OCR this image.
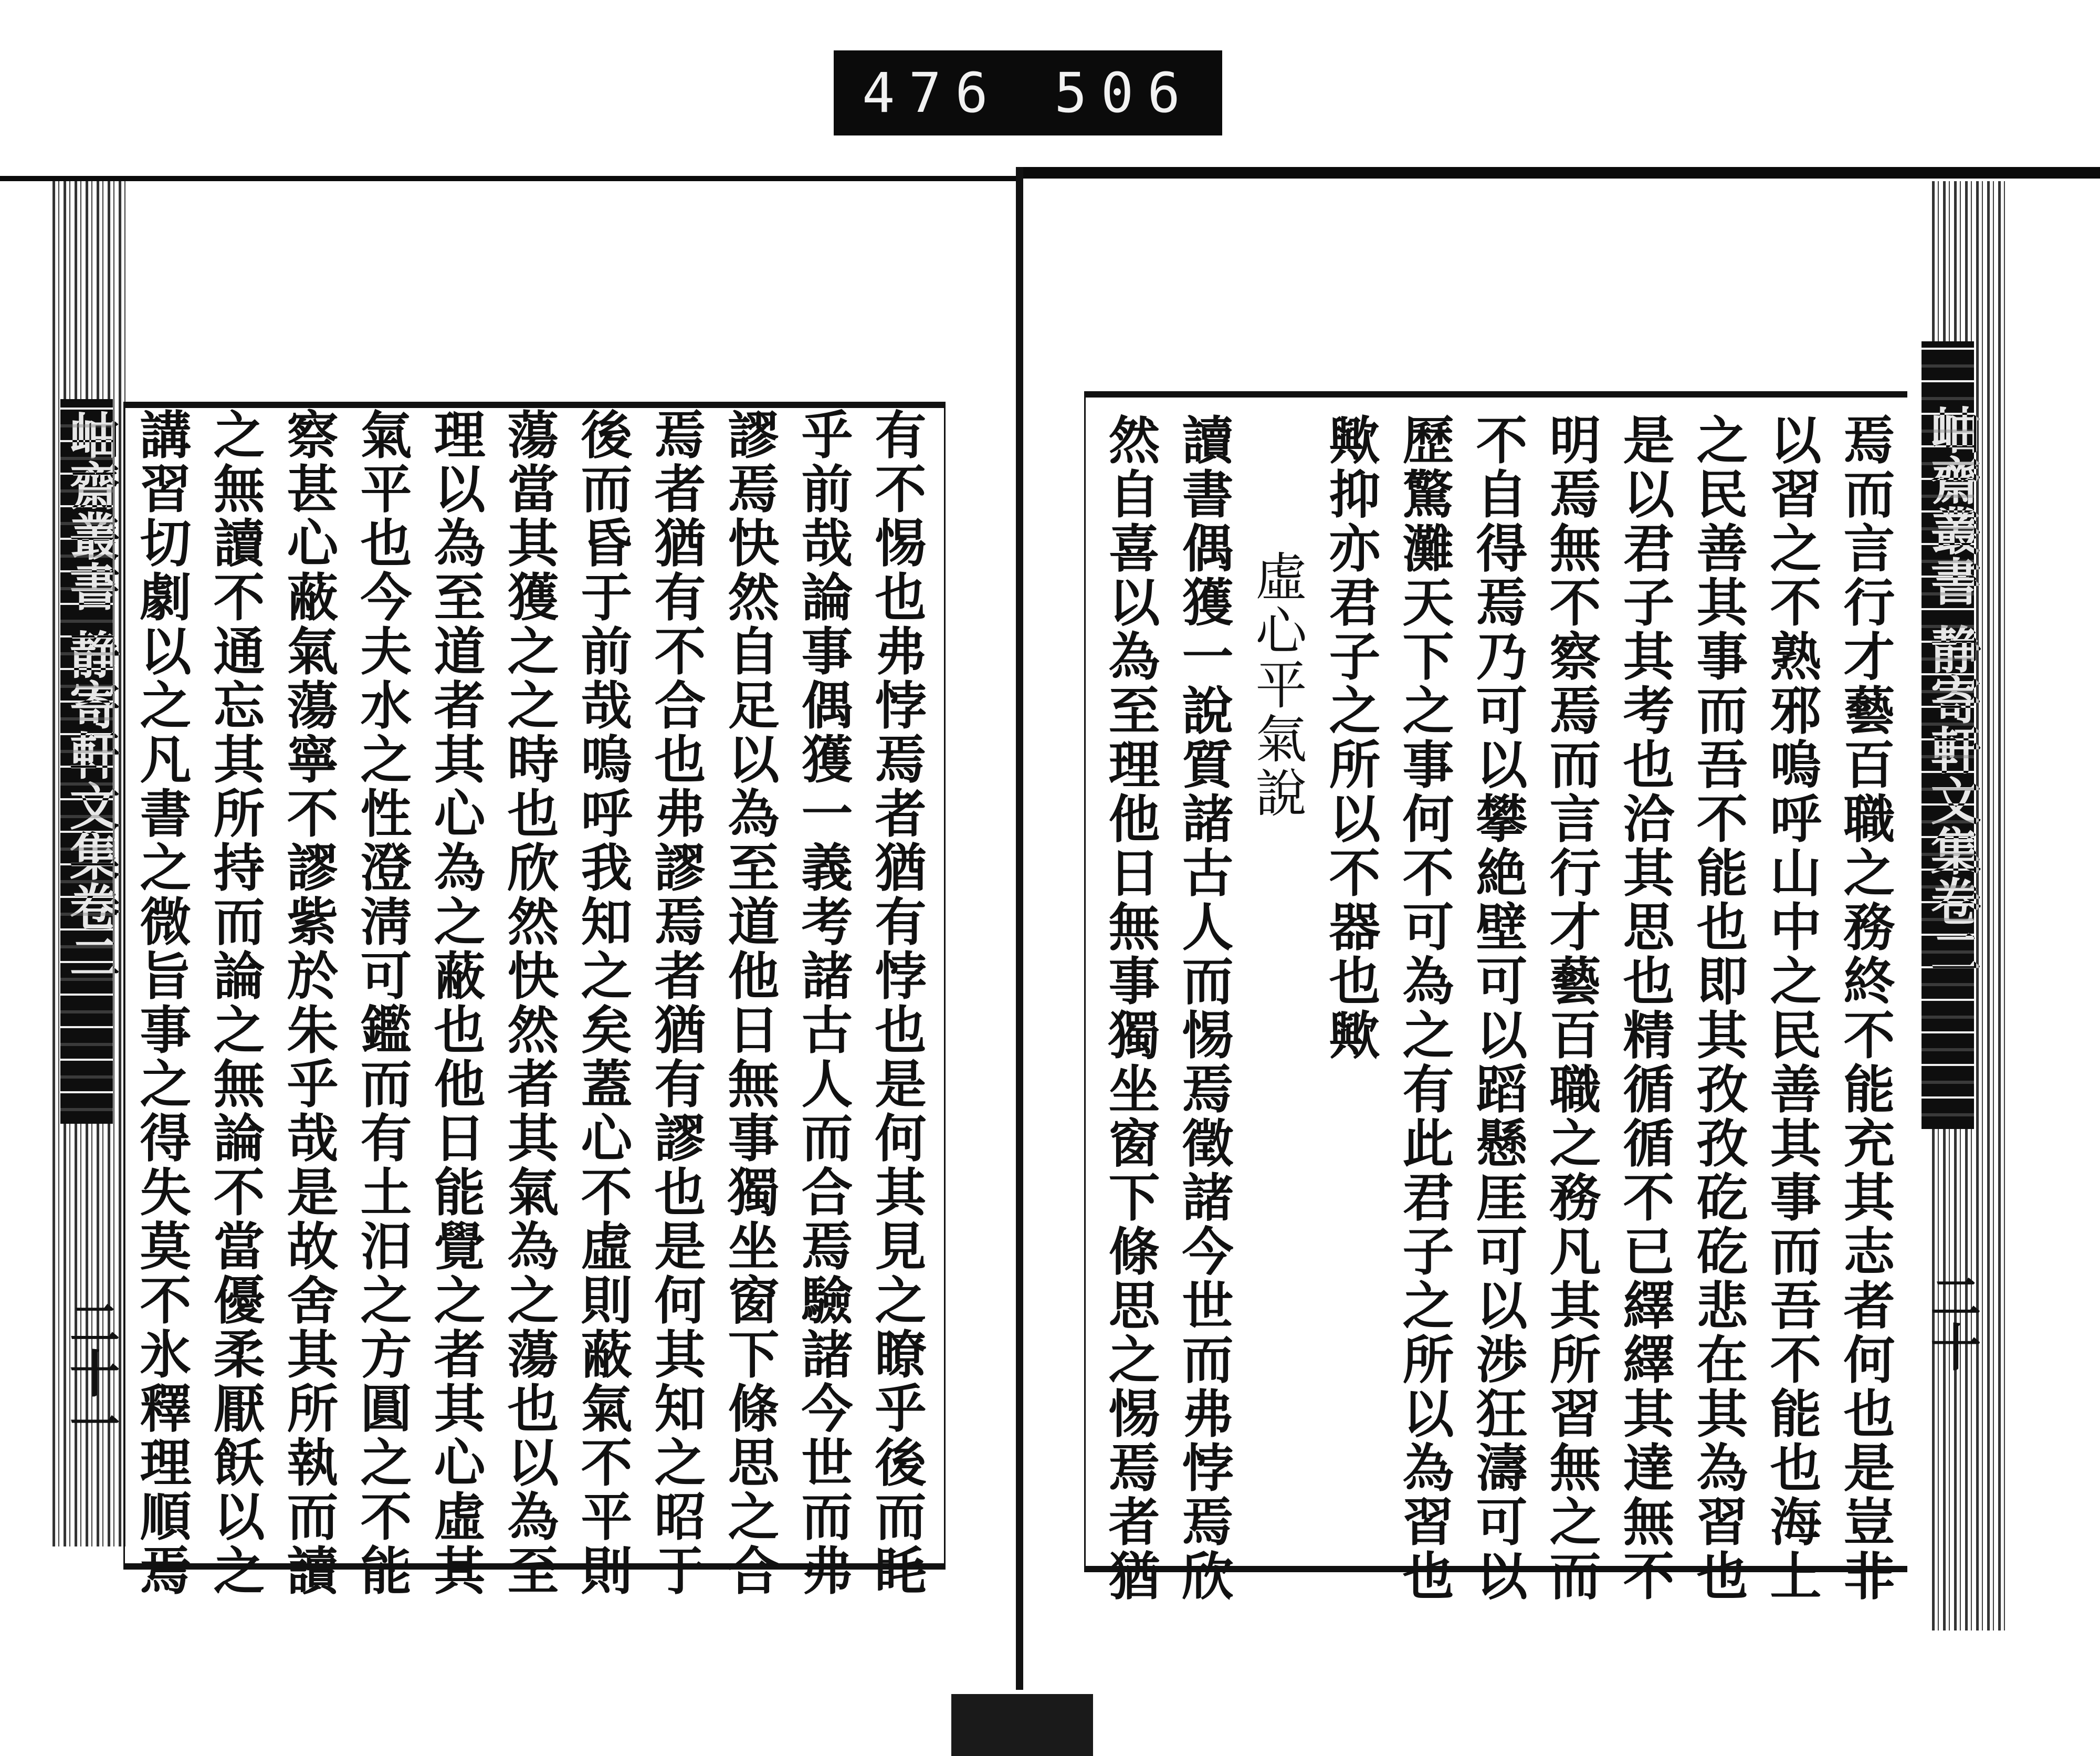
476 506
有不惕也弗悖焉者猶有悖也是何其見之瞭乎後而眊
乎前哉論事偶獲一義考諸古人而合焉驗諸今世而弗
謬焉快然自足以為至道他日無事獨坐窗下條思之合
焉者猶有不合也弗謬焉者猶有謬也是何其知之昭于
後而昏于前哉嗚呼我知之矣蓋心不虛則蔽氣不平則
蕩當其獲之之時也欣然快然者其氣為之蕩也以為至
理以為至道者其心為之蔽也他日能覺之者其心虛其
氣平也今夫水之性澄淸可鑑而有土汨之方圓之不能
察甚心蔽氣蕩寧不謬紫於朱乎哉是故舍其所執而讀
之無讀不通忘其所持而論之無論不當優柔厭飫以之
講習切劇以之凡書之微旨事之得失莫不氷釋理順焉
岫齋叢書 静寄軒文集卷二
二十一	焉而言行才藝百職之務終不能充其志者何也是豈非
以習之不熟邪嗚呼山中之民善其事而吾不能也海上
之民善其事而吾不能也即其孜孜矻矻悲在其為習也
是以君子其考也洽其思也精循循不已繹繹其達無不
明焉無不察焉而言行才藝百職之務凡其所習無之而
不自得焉乃可以攀絶壁可以蹈懸厓可以渉狂濤可以
歷驚灘天下之事何不可為之有此君子之所以為習也
歟抑亦君子之所以不器也歟
虛心平氣說
讀書偶獲一說質諸古人而惕焉徵諸今世而弗悖焉欣
然自喜以為至理他日無事獨坐窗下條思之惕焉者猶	岫齋叢書 静寄軒文集卷二
二十
